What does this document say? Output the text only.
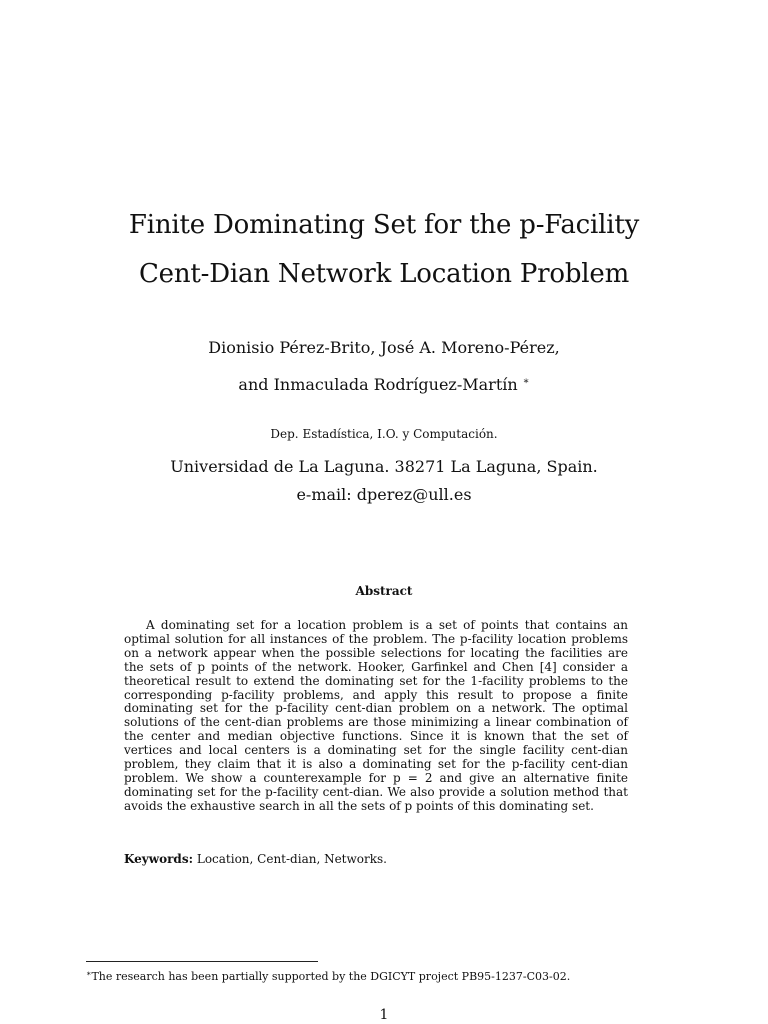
Finite Dominating Set for the p-Facility
Cent-Dian Network Location Problem
Dionisio Pérez-Brito, José A. Moreno-Pérez,
and Inmaculada Rodríguez-Martín ∗
Dep. Estadística, I.O. y Computación.
Universidad de La Laguna. 38271 La Laguna, Spain.
e-mail: dperez@ull.es
Abstract

A dominating set for a location problem is a set of points that contains an optimal solution for all instances of the problem. The p-facility location problems on a network appear when the possible selections for locating the facilities are the sets of p points of the network. Hooker, Garfinkel and Chen [4] consider a theoretical result to extend the dominating set for the 1-facility problems to the corresponding p-facility problems, and apply this result to propose a finite dominating set for the p-facility cent-dian problem on a network. The optimal solutions of the cent-dian problems are those minimizing a linear combination of the center and median objective functions. Since it is known that the set of vertices and local centers is a dominating set for the single facility cent-dian problem, they claim that it is also a dominating set for the p-facility cent-dian problem. We show a counterexample for p = 2 and give an alternative finite dominating set for the p-facility cent-dian. We also provide a solution method that avoids the exhaustive search in all the sets of p points of this dominating set.

Keywords: Location, Cent-dian, Networks.

∗The research has been partially supported by the DGICYT project PB95-1237-C03-02.
1
